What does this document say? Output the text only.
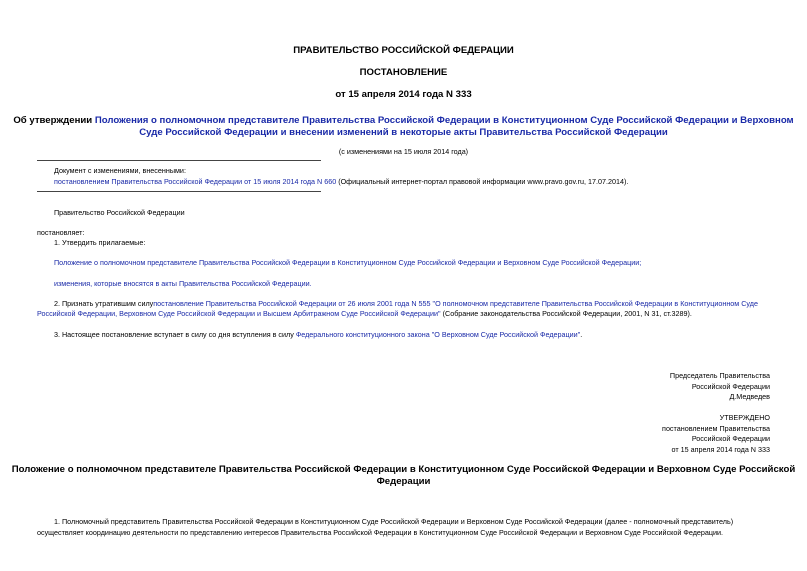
ПРАВИТЕЛЬСТВО РОССИЙСКОЙ ФЕДЕРАЦИИ
ПОСТАНОВЛЕНИЕ
от 15 апреля 2014 года N 333
Об утверждении Положения о полномочном представителе Правительства Российской Федерации в Конституционном Суде Российской Федерации и Верховном
Суде Российской Федерации и внесении изменений в некоторые акты Правительства Российской Федерации
(с изменениями на 15 июля 2014 года)
Документ с изменениями, внесенными:
постановлением Правительства Российской Федерации от 15 июля 2014 года N 660 (Официальный интернет-портал правовой информации www.pravo.gov.ru, 17.07.2014).
Правительство Российской Федерации
постановляет:
1. Утвердить прилагаемые:
Положение о полномочном представителе Правительства Российской Федерации в Конституционном Суде Российской Федерации и Верховном Суде Российской Федерации;
изменения, которые вносятся в акты Правительства Российской Федерации.
2. Признать утратившим силупостановление Правительства Российской Федерации от 26 июля 2001 года N 555 "О полномочном представителе Правительства Российской Федерации в Конституционном Суде
Российской Федерации, Верховном Суде Российской Федерации и Высшем Арбитражном Суде Российской Федерации" (Собрание законодательства Российской Федерации, 2001, N 31, ст.3289).
3. Настоящее постановление вступает в силу со дня вступления в силу Федерального конституционного закона "О Верховном Суде Российской Федерации".
Председатель Правительства
Российской Федерации
Д.Медведев
УТВЕРЖДЕНО
постановлением Правительства
Российской Федерации
от 15 апреля 2014 года N 333
Положение о полномочном представителе Правительства Российской Федерации в Конституционном Суде Российской Федерации и Верховном Суде Российской
Федерации
1. Полномочный представитель Правительства Российской Федерации в Конституционном Суде Российской Федерации и Верховном Суде Российской Федерации (далее - полномочный представитель)
осуществляет координацию деятельности по представлению интересов Правительства Российской Федерации в Конституционном Суде Российской Федерации и Верховном Суде Российской Федерации.
